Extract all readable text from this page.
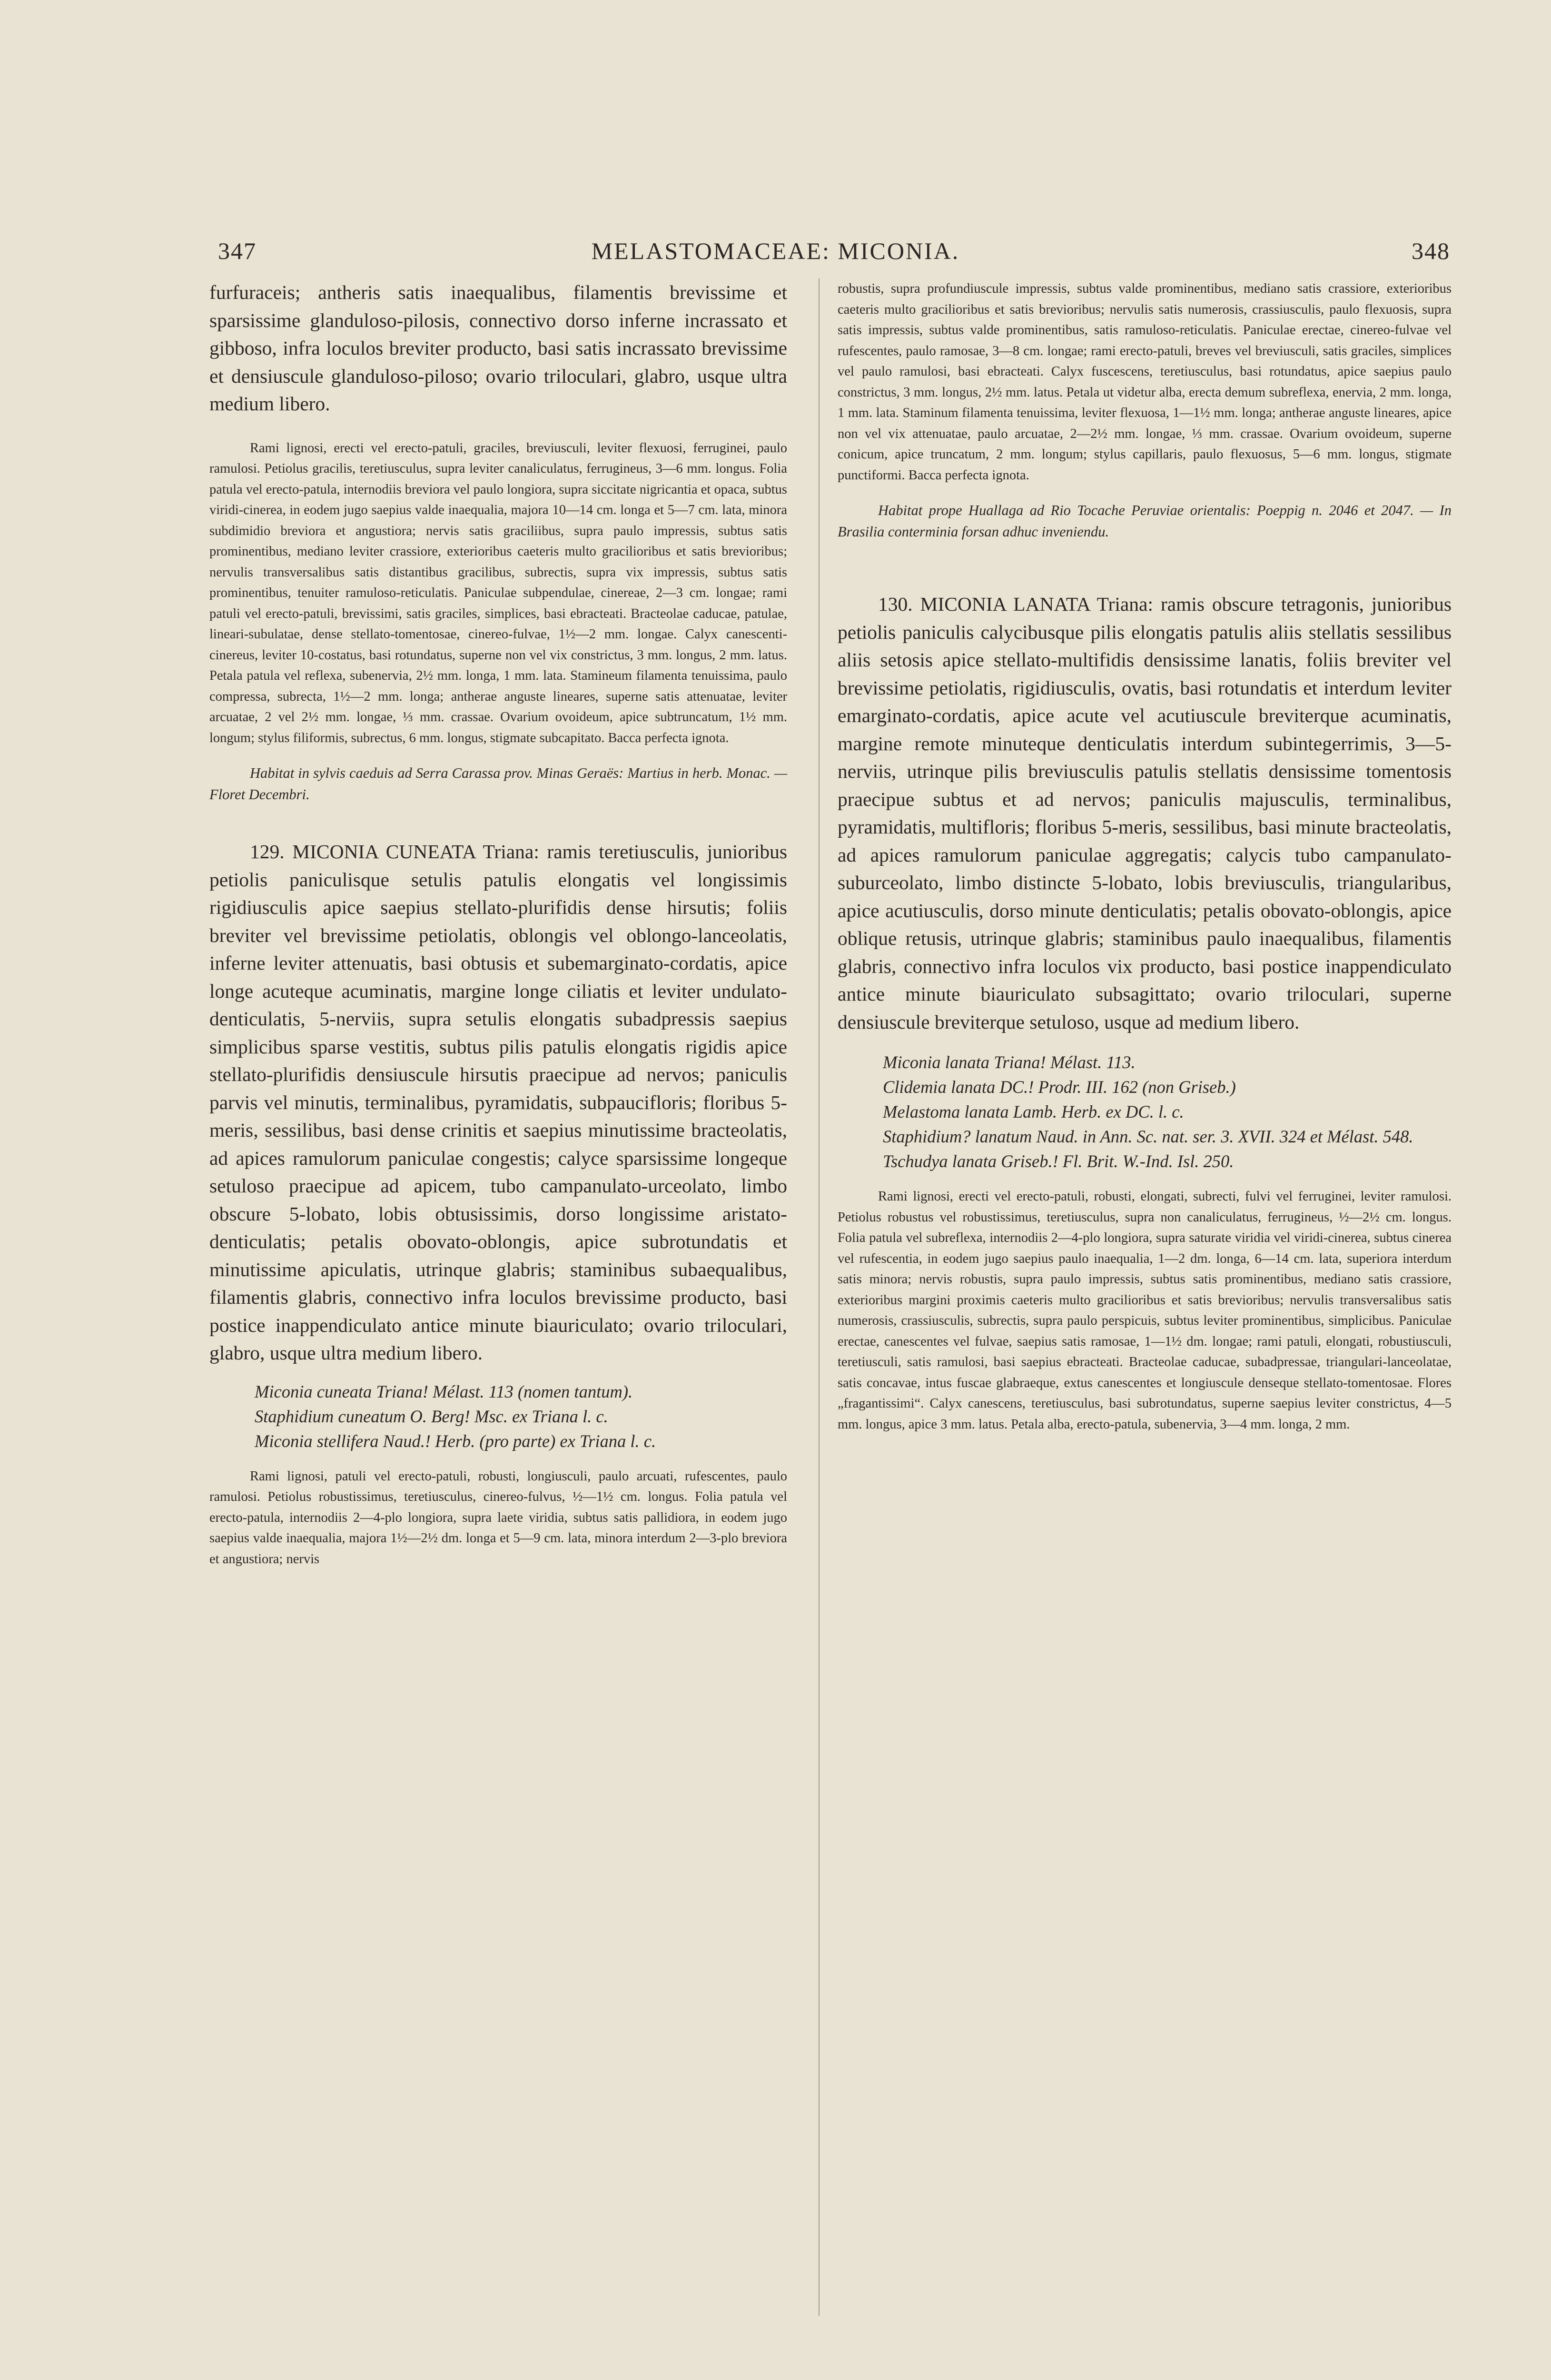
347	MELASTOMACEAE: MICONIA.	348

furfuraceis; antheris satis inaequalibus, filamentis brevissime et sparsissime glanduloso-pilosis, connectivo dorso inferne incrassato et gibboso, infra loculos breviter producto, basi satis incrassato brevissime et densiuscule glanduloso-piloso; ovario triloculari, glabro, usque ultra medium libero.

Rami lignosi, erecti vel erecto-patuli, graciles, breviusculi, leviter flexuosi, ferruginei, paulo ramulosi. Petiolus gracilis, teretiusculus, supra leviter canaliculatus, ferrugineus, 3—6 mm. longus. Folia patula vel erecto-patula, internodiis breviora vel paulo longiora, supra siccitate nigricantia et opaca, subtus viridi-cinerea, in eodem jugo saepius valde inaequalia, majora 10—14 cm. longa et 5—7 cm. lata, minora subdimidio breviora et angustiora; nervis satis graciliibus, supra paulo impressis, subtus satis prominentibus, mediano leviter crassiore, exterioribus caeteris multo gracilioribus et satis brevioribus; nervulis transversalibus satis distantibus gracilibus, subrectis, supra vix impressis, subtus satis prominentibus, tenuiter ramuloso-reticulatis. Paniculae subpendulae, cinereae, 2—3 cm. longae; rami patuli vel erecto-patuli, brevissimi, satis graciles, simplices, basi ebracteati. Bracteolae caducae, patulae, lineari-subulatae, dense stellato-tomentosae, cinereo-fulvae, 1½—2 mm. longae. Calyx canescenti-cinereus, leviter 10-costatus, basi rotundatus, superne non vel vix constrictus, 3 mm. longus, 2 mm. latus. Petala patula vel reflexa, subenervia, 2½ mm. longa, 1 mm. lata. Stamineum filamenta tenuissima, paulo compressa, subrecta, 1½—2 mm. longa; antherae anguste lineares, superne satis attenuatae, leviter arcuatae, 2 vel 2½ mm. longae, ⅓ mm. crassae. Ovarium ovoideum, apice subtruncatum, 1½ mm. longum; stylus filiformis, subrectus, 6 mm. longus, stigmate subcapitato. Bacca perfecta ignota.

Habitat in sylvis caeduis ad Serra Carassa prov. Minas Geraës: Martius in herb. Monac. — Floret Decembri.

129. MICONIA CUNEATA Triana: ramis teretiusculis, junioribus petiolis paniculisque setulis patulis elongatis vel longissimis rigidiusculis apice saepius stellato-plurifidis dense hirsutis; foliis breviter vel brevissime petiolatis, oblongis vel oblongo-lanceolatis, inferne leviter attenuatis, basi obtusis et subemarginato-cordatis, apice longe acuteque acuminatis, margine longe ciliatis et leviter undulato-denticulatis, 5-nerviis, supra setulis elongatis subadpressis saepius simplicibus sparse vestitis, subtus pilis patulis elongatis rigidis apice stellato-plurifidis densiuscule hirsutis praecipue ad nervos; paniculis parvis vel minutis, terminalibus, pyramidatis, subpaucifloris; floribus 5-meris, sessilibus, basi dense crinitis et saepius minutissime bracteolatis, ad apices ramulorum paniculae congestis; calyce sparsissime longeque setuloso praecipue ad apicem, tubo campanulato-urceolato, limbo obscure 5-lobato, lobis obtusissimis, dorso longissime aristato-denticulatis; petalis obovato-oblongis, apice subrotundatis et minutissime apiculatis, utrinque glabris; staminibus subaequalibus, filamentis glabris, connectivo infra loculos brevissime producto, basi postice inappendiculato antice minute biauriculato; ovario triloculari, glabro, usque ultra medium libero.

Miconia cuneata Triana! Mélast. 113 (nomen tantum).

Staphidium cuneatum O. Berg! Msc. ex Triana l. c.

Miconia stellifera Naud.! Herb. (pro parte) ex Triana l. c.

Rami lignosi, patuli vel erecto-patuli, robusti, longiusculi, paulo arcuati, rufescentes, paulo ramulosi. Petiolus robustissimus, teretiusculus, cinereo-fulvus, ½—1½ cm. longus. Folia patula vel erecto-patula, internodiis 2—4-plo longiora, supra laete viridia, subtus satis pallidiora, in eodem jugo saepius valde inaequalia, majora 1½—2½ dm. longa et 5—9 cm. lata, minora interdum 2—3-plo breviora et angustiora; nervis

robustis, supra profundiuscule impressis, subtus valde prominentibus, mediano satis crassiore, exterioribus caeteris multo gracilioribus et satis brevioribus; nervulis satis numerosis, crassiusculis, paulo flexuosis, supra satis impressis, subtus valde prominentibus, satis ramuloso-reticulatis. Paniculae erectae, cinereo-fulvae vel rufescentes, paulo ramosae, 3—8 cm. longae; rami erecto-patuli, breves vel breviusculi, satis graciles, simplices vel paulo ramulosi, basi ebracteati. Calyx fuscescens, teretiusculus, basi rotundatus, apice saepius paulo constrictus, 3 mm. longus, 2½ mm. latus. Petala ut videtur alba, erecta demum subreflexa, enervia, 2 mm. longa, 1 mm. lata. Staminum filamenta tenuissima, leviter flexuosa, 1—1½ mm. longa; antherae anguste lineares, apice non vel vix attenuatae, paulo arcuatae, 2—2½ mm. longae, ⅓ mm. crassae. Ovarium ovoideum, superne conicum, apice truncatum, 2 mm. longum; stylus capillaris, paulo flexuosus, 5—6 mm. longus, stigmate punctiformi. Bacca perfecta ignota.

Habitat prope Huallaga ad Rio Tocache Peruviae orientalis: Poeppig n. 2046 et 2047. — In Brasilia conterminia forsan adhuc inveniendu.

130. MICONIA LANATA Triana: ramis obscure tetragonis, junioribus petiolis paniculis calycibusque pilis elongatis patulis aliis stellatis sessilibus aliis setosis apice stellato-multifidis densissime lanatis, foliis breviter vel brevissime petiolatis, rigidiusculis, ovatis, basi rotundatis et interdum leviter emarginato-cordatis, apice acute vel acutiuscule breviterque acuminatis, margine remote minuteque denticulatis interdum subintegerrimis, 3—5-nerviis, utrinque pilis breviusculis patulis stellatis densissime tomentosis praecipue subtus et ad nervos; paniculis majusculis, terminalibus, pyramidatis, multifloris; floribus 5-meris, sessilibus, basi minute bracteolatis, ad apices ramulorum paniculae aggregatis; calycis tubo campanulato-suburceolato, limbo distincte 5-lobato, lobis breviusculis, triangularibus, apice acutiusculis, dorso minute denticulatis; petalis obovato-oblongis, apice oblique retusis, utrinque glabris; staminibus paulo inaequalibus, filamentis glabris, connectivo infra loculos vix producto, basi postice inappendiculato antice minute biauriculato subsagittato; ovario triloculari, superne densiuscule breviterque setuloso, usque ad medium libero.

Miconia lanata Triana! Mélast. 113.

Clidemia lanata DC.! Prodr. III. 162 (non Griseb.)

Melastoma lanata Lamb. Herb. ex DC. l. c.

Staphidium? lanatum Naud. in Ann. Sc. nat. ser. 3. XVII. 324 et Mélast. 548.

Tschudya lanata Griseb.! Fl. Brit. W.-Ind. Isl. 250.

Rami lignosi, erecti vel erecto-patuli, robusti, elongati, subrecti, fulvi vel ferruginei, leviter ramulosi. Petiolus robustus vel robustissimus, teretiusculus, supra non canaliculatus, ferrugineus, ½—2½ cm. longus. Folia patula vel subreflexa, internodiis 2—4-plo longiora, supra saturate viridia vel viridi-cinerea, subtus cinerea vel rufescentia, in eodem jugo saepius paulo inaequalia, 1—2 dm. longa, 6—14 cm. lata, superiora interdum satis minora; nervis robustis, supra paulo impressis, subtus satis prominentibus, mediano satis crassiore, exterioribus margini proximis caeteris multo gracilioribus et satis brevioribus; nervulis transversalibus satis numerosis, crassiusculis, subrectis, supra paulo perspicuis, subtus leviter prominentibus, simplicibus. Paniculae erectae, canescentes vel fulvae, saepius satis ramosae, 1—1½ dm. longae; rami patuli, elongati, robustiusculi, teretiusculi, satis ramulosi, basi saepius ebracteati. Bracteolae caducae, subadpressae, triangulari-lanceolatae, satis concavae, intus fuscae glabraeque, extus canescentes et longiuscule denseque stellato-tomentosae. Flores „fragantissimi“. Calyx canescens, teretiusculus, basi subrotundatus, superne saepius leviter constrictus, 4—5 mm. longus, apice 3 mm. latus. Petala alba, erecto-patula, subenervia, 3—4 mm. longa, 2 mm.
